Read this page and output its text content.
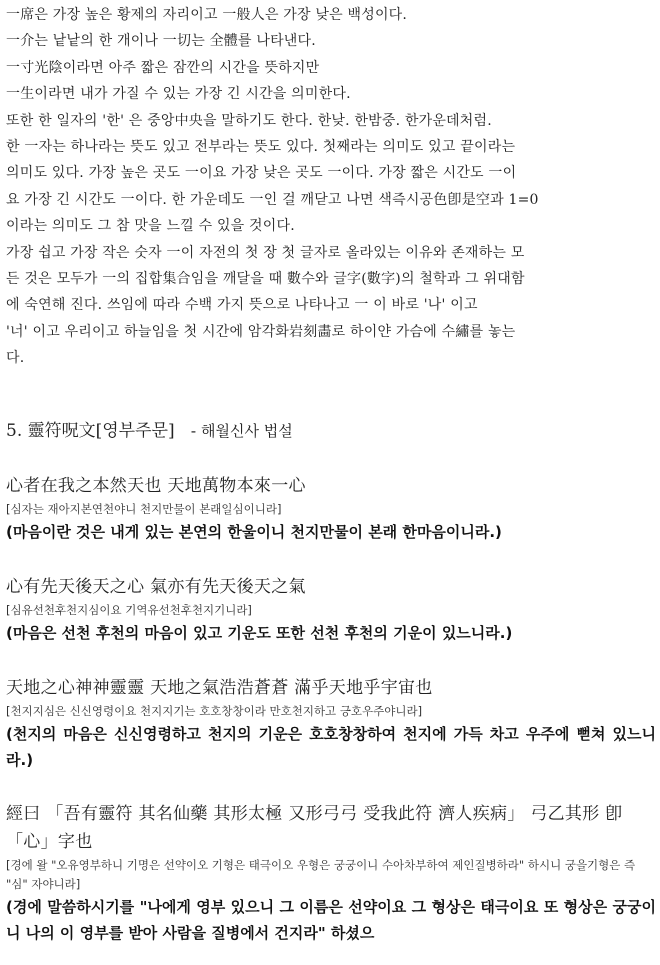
一席은 가장 높은 황제의 자리이고 一般人은 가장 낮은 백성이다.

一介는 낱낱의 한 개이나 一切는 全體를 나타낸다.

一寸光陰이라면 아주 짧은 잠깐의 시간을 뜻하지만

一生이라면 내가 가질 수 있는 가장 긴 시간을 의미한다.

또한 한 일자의 '한' 은 중앙中央을 말하기도 한다. 한낮. 한밤중. 한가운데처럼.

한 一자는 하나라는 뜻도 있고 전부라는 뜻도 있다. 첫째라는 의미도 있고 끝이라는

의미도 있다. 가장 높은 곳도 一이요 가장 낮은 곳도 一이다. 가장 짧은 시간도 一이

요 가장 긴 시간도 一이다. 한 가운데도 一인 걸 깨닫고 나면 색즉시공色卽是空과 1=0

이라는 의미도 그 참 맛을 느낄 수 있을 것이다.

가장 쉽고 가장 작은 숫자 一이 자전의 첫 장 첫 글자로 올라있는 이유와 존재하는 모

든 것은 모두가 一의 집합集合임을 깨달을 때 數수와 글字(數字)의 철학과 그 위대함

에 숙연해 진다. 쓰임에 따라 수백 가지 뜻으로 나타나고 一 이 바로 '나' 이고

'너' 이고 우리이고 하늘임을 첫 시간에 암각화岩刻畵로 하이얀 가슴에 수繡를 놓는

다.

5. 靈符呪文[영부주문] - 해월신사 법설

心者在我之本然天也 天地萬物本來一心

[심자는 재아지본연천야니 천지만물이 본래일심이니라]

(마음이란 것은 내게 있는 본연의 한울이니 천지만물이 본래 한마음이니라.)

心有先天後天之心 氣亦有先天後天之氣

[심유선천후천지심이요 기역유선천후천지기니라]

(마음은 선천 후천의 마음이 있고 기운도 또한 선천 후천의 기운이 있느니라.)

天地之心神神靈靈 天地之氣浩浩蒼蒼 滿乎天地乎宇宙也

[천지지심은 신신영령이요 천지지기는 호호창창이라 만호천지하고 긍호우주야니라]

(천지의 마음은 신신영령하고 천지의 기운은 호호창창하여 천지에 가득 차고 우주에 뻗쳐 있느니라.)

經曰 「吾有靈符 其名仙藥 其形太極 又形弓弓 受我此符 濟人疾病」 弓乙其形 卽「心」字也

[경에 왈 "오유영부하니 기명은 선약이오 기형은 태극이오 우형은 궁궁이니 수아차부하여 제인질병하라" 하시니 궁을기형은 즉 "심" 자야니라]

(경에 말씀하시기를 "나에게 영부 있으니 그 이름은 선약이요 그 형상은 태극이요 또 형상은 궁궁이니 나의 이 영부를 받아 사람을 질병에서 건지라" 하셨으
